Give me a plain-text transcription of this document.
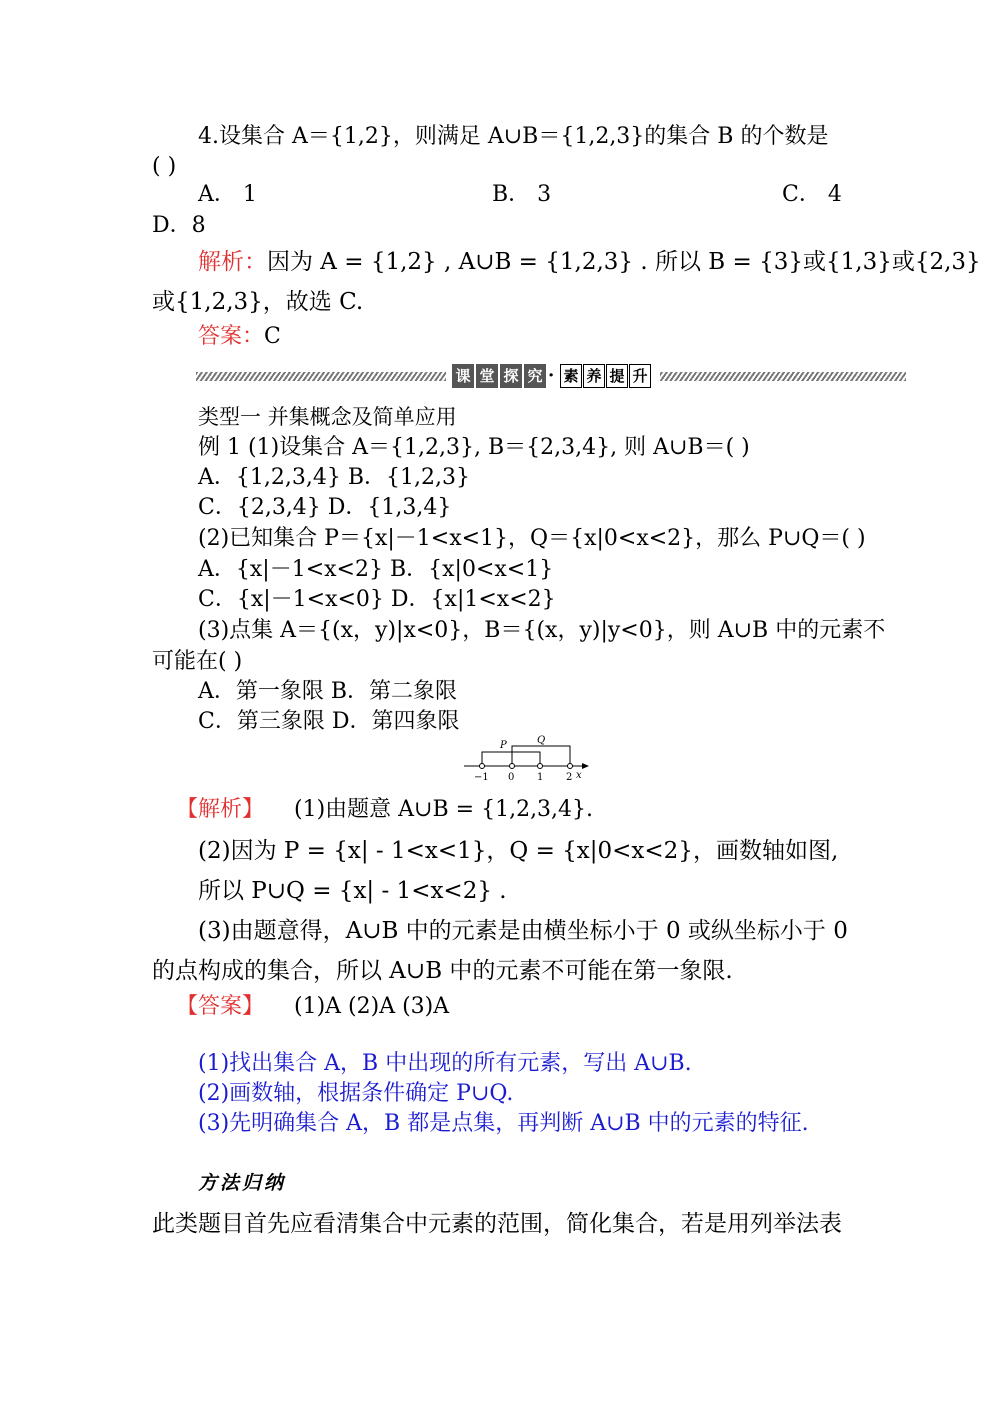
4.设集合 A＝{1,2}，则满足 A∪B＝{1,2,3}的集合 B 的个数是
( )
A． 1	B． 3	C． 4
D．8
解析：因为 A = {1,2} , A∪B = {1,2,3} . 所以 B = {3}或{1,3}或{2,3}
或{1,2,3}，故选 C.
答案：C
课 堂 探 究 · 素 养 提 升
类型一 并集概念及简单应用
例 1 (1)设集合 A＝{1,2,3}, B＝{2,3,4}, 则 A∪B＝( )
A．{1,2,3,4} B．{1,2,3}
C．{2,3,4} D．{1,3,4}
(2)已知集合 P＝{x|－1<x<1}，Q＝{x|0<x<2}，那么 P∪Q＝( )
A．{x|－1<x<2} B．{x|0<x<1}
C．{x|－1<x<0} D．{x|1<x<2}
(3)点集 A＝{(x，y)|x<0}，B＝{(x，y)|y<0}，则 A∪B 中的元素不
可能在( )
A．第一象限 B．第二象限
C．第三象限 D．第四象限
P	Q
−1 0 1 2 x
【解析】 (1)由题意 A∪B = {1,2,3,4}.
(2)因为 P = {x| - 1<x<1}，Q = {x|0<x<2}，画数轴如图,
所以 P∪Q = {x| - 1<x<2} .
(3)由题意得，A∪B 中的元素是由横坐标小于 0 或纵坐标小于 0
的点构成的集合，所以 A∪B 中的元素不可能在第一象限.
【答案】 (1)A (2)A (3)A
(1)找出集合 A，B 中出现的所有元素，写出 A∪B.
(2)画数轴，根据条件确定 P∪Q.
(3)先明确集合 A，B 都是点集，再判断 A∪B 中的元素的特征.
方法归纳
此类题目首先应看清集合中元素的范围，简化集合，若是用列举法表
